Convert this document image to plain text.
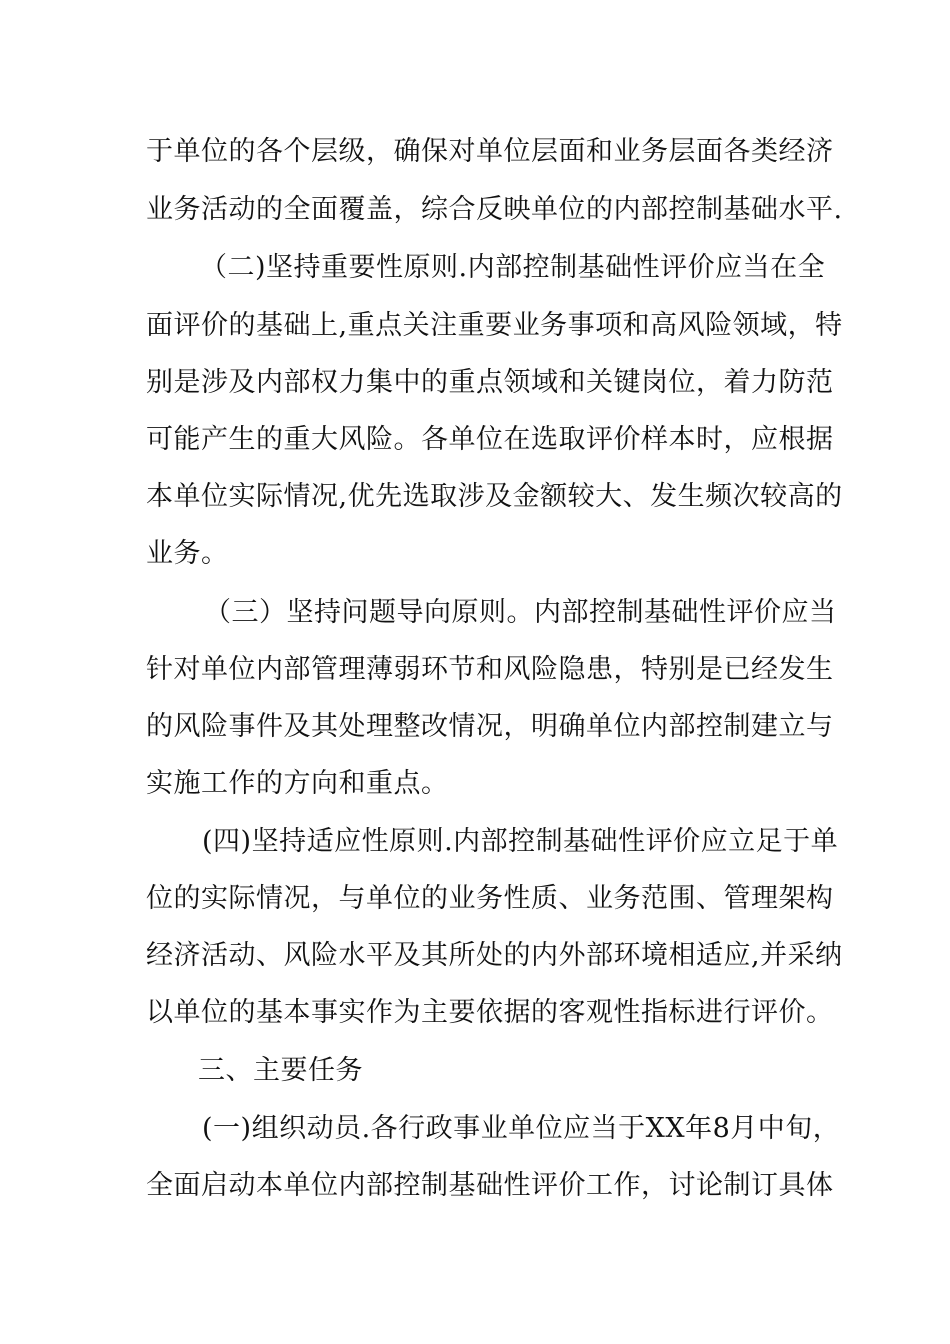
于单位的各个层级，确保对单位层面和业务层面各类经济
业务活动的全面覆盖，综合反映单位的内部控制基础水平.
（二)坚持重要性原则.内部控制基础性评价应当在全
面评价的基础上,重点关注重要业务事项和高风险领域，特
别是涉及内部权力集中的重点领域和关键岗位，着力防范
可能产生的重大风险。各单位在选取评价样本时，应根据
本单位实际情况,优先选取涉及金额较大、发生频次较高的
业务。
（三）坚持问题导向原则。内部控制基础性评价应当
针对单位内部管理薄弱环节和风险隐患，特别是已经发生
的风险事件及其处理整改情况，明确单位内部控制建立与
实施工作的方向和重点。
(四)坚持适应性原则.内部控制基础性评价应立足于单
位的实际情况，与单位的业务性质、业务范围、管理架构
经济活动、风险水平及其所处的内外部环境相适应,并采纳
以单位的基本事实作为主要依据的客观性指标进行评价。
三、主要任务
(一)组织动员.各行政事业单位应当于XX年8月中旬，
全面启动本单位内部控制基础性评价工作，讨论制订具体
